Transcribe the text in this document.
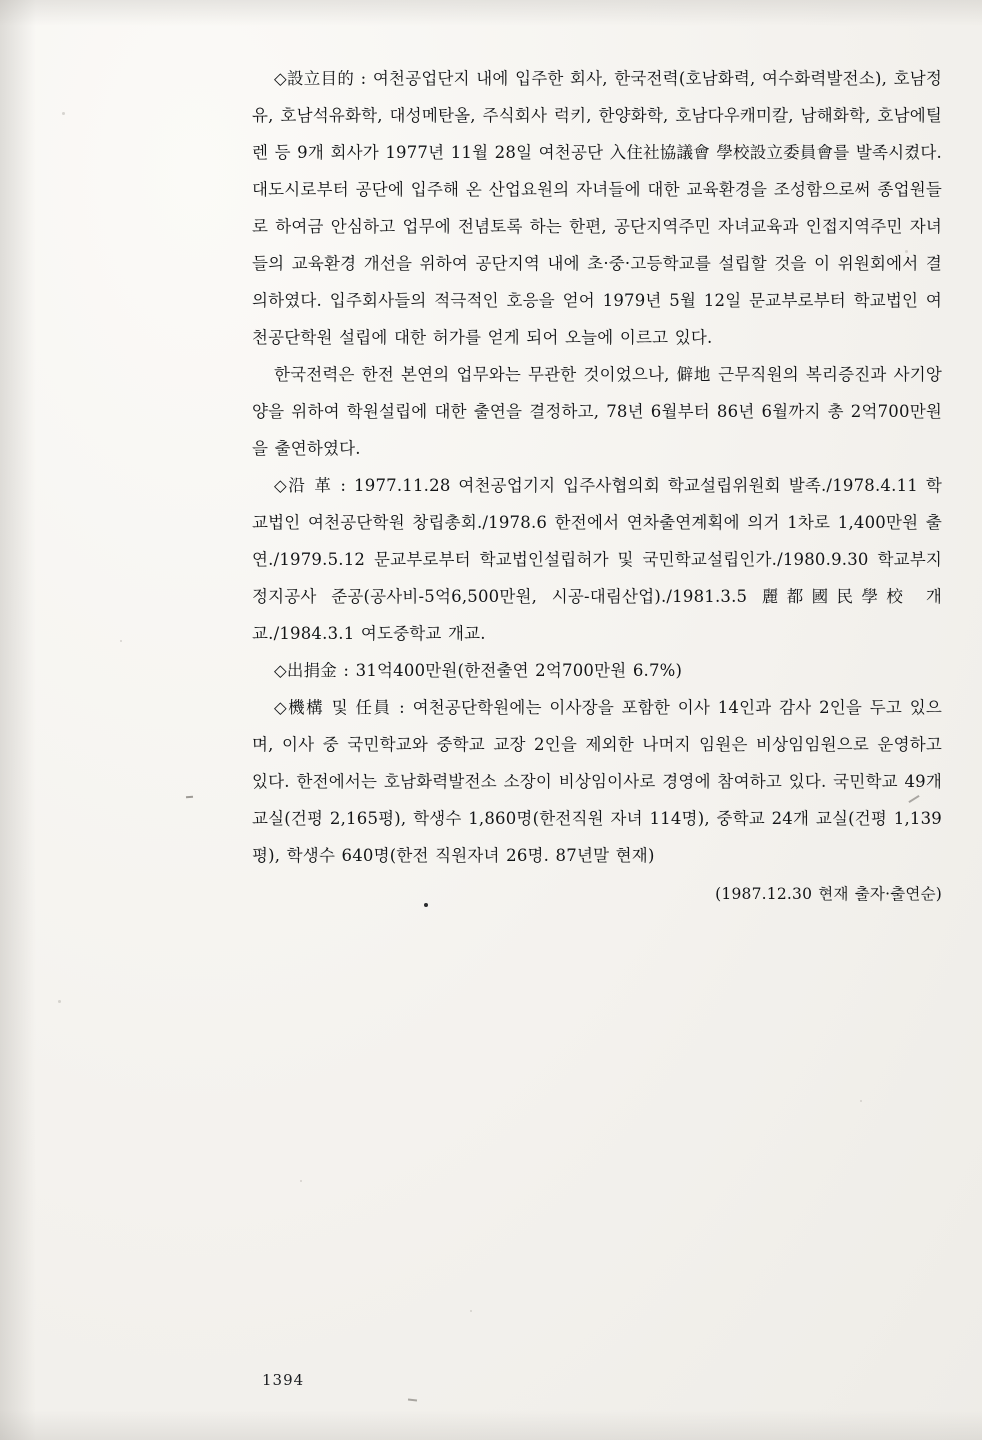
◇設立目的 : 여천공업단지 내에 입주한 회사, 한국전력(호남화력, 여수화력발전소), 호남정유, 호남석유화학, 대성메탄올, 주식회사 럭키, 한양화학, 호남다우캐미칼, 남해화학, 호남에틸렌 등 9개 회사가 1977년 11월 28일 여천공단 入住社協議會 學校設立委員會를 발족시켰다. 대도시로부터 공단에 입주해 온 산업요원의 자녀들에 대한 교육환경을 조성함으로써 종업원들로 하여금 안심하고 업무에 전념토록 하는 한편, 공단지역주민 자녀교육과 인접지역주민 자녀들의 교육환경 개선을 위하여 공단지역 내에 초·중·고등학교를 설립할 것을 이 위원회에서 결의하였다. 입주회사들의 적극적인 호응을 얻어 1979년 5월 12일 문교부로부터 학교법인 여천공단학원 설립에 대한 허가를 얻게 되어 오늘에 이르고 있다.

한국전력은 한전 본연의 업무와는 무관한 것이었으나, 僻地 근무직원의 복리증진과 사기앙양을 위하여 학원설립에 대한 출연을 결정하고, 78년 6월부터 86년 6월까지 총 2억700만원을 출연하였다.

◇沿 革 : 1977.11.28 여천공업기지 입주사협의회 학교설립위원회 발족./1978.4.11 학교법인 여천공단학원 창립총회./1978.6 한전에서 연차출연계획에 의거 1차로 1,400만원 출연./1979.5.12 문교부로부터 학교법인설립허가 및 국민학교설립인가./1980.9.30 학교부지 정지공사 준공(공사비-5억6,500만원, 시공-대림산업)./1981.3.5 麗都國民學校 개교./1984.3.1 여도중학교 개교.

◇出捐金 : 31억400만원(한전출연 2억700만원 6.7%)

◇機構 및 任員 : 여천공단학원에는 이사장을 포함한 이사 14인과 감사 2인을 두고 있으며, 이사 중 국민학교와 중학교 교장 2인을 제외한 나머지 임원은 비상임임원으로 운영하고 있다. 한전에서는 호남화력발전소 소장이 비상임이사로 경영에 참여하고 있다. 국민학교 49개 교실(건평 2,165평), 학생수 1,860명(한전직원 자녀 114명), 중학교 24개 교실(건평 1,139평), 학생수 640명(한전 직원자녀 26명. 87년말 현재)

(1987.12.30 현재 출자·출연순)

1394
